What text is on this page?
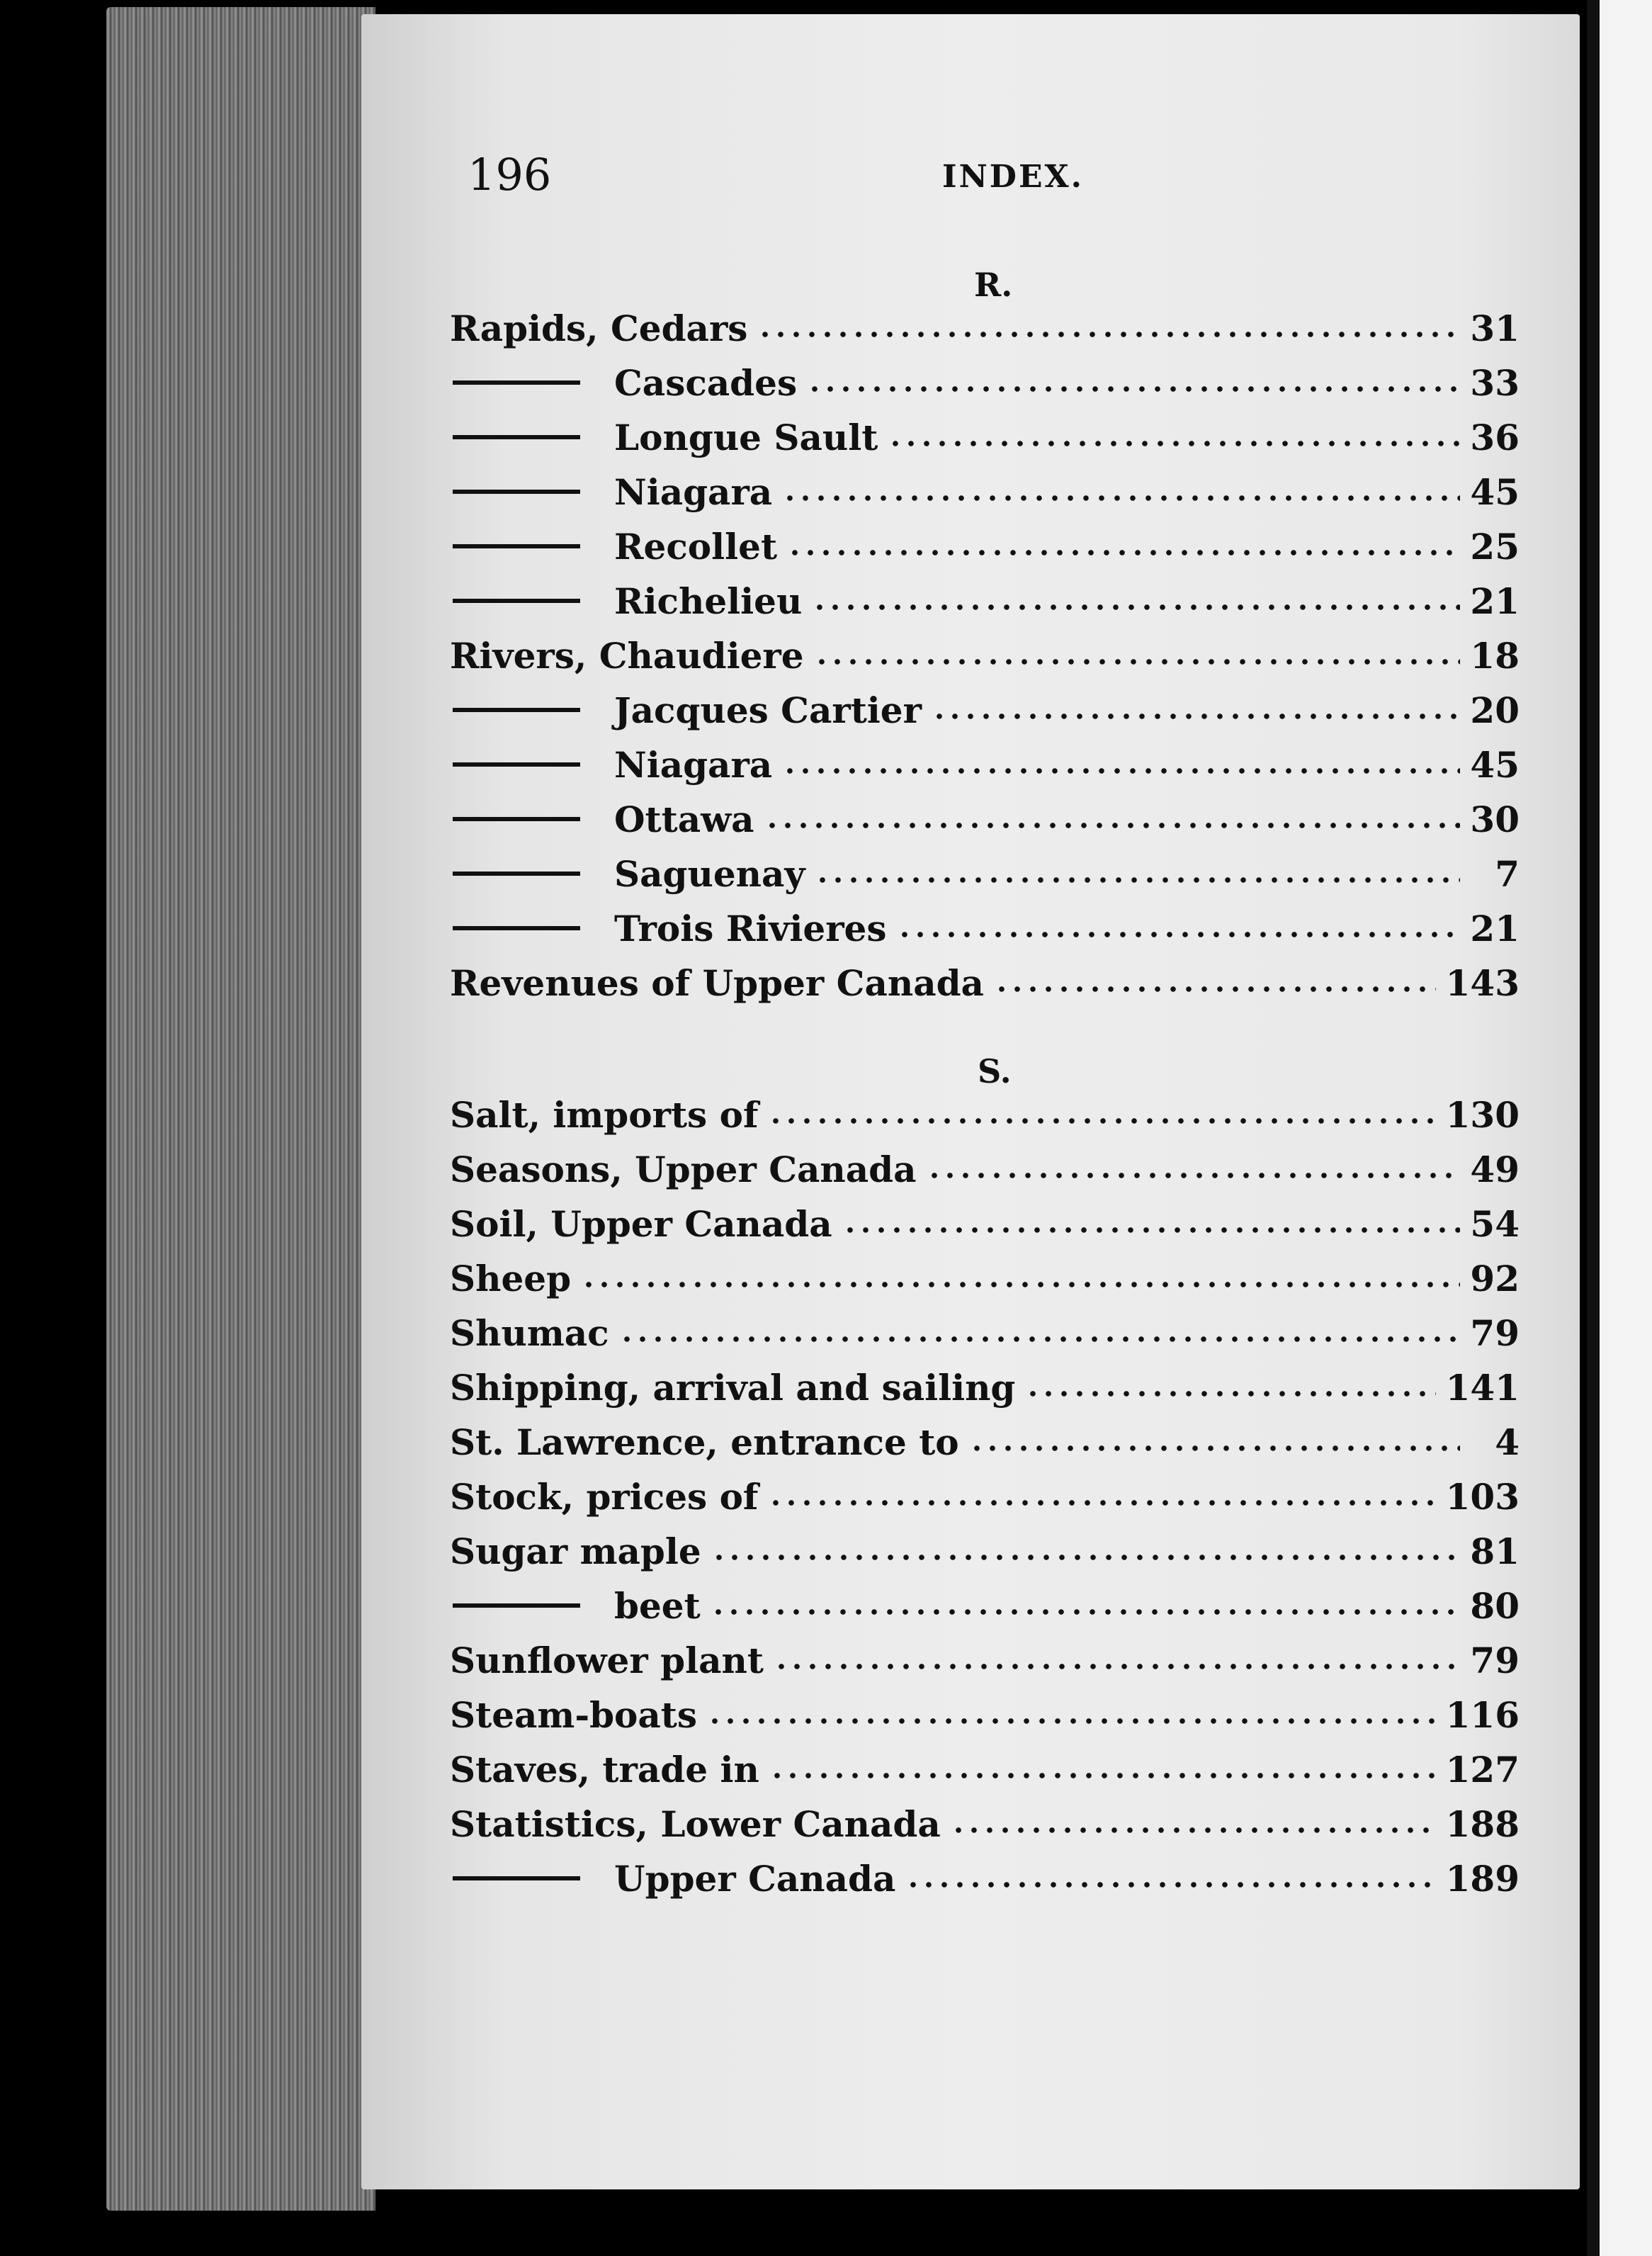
196	INDEX.
R.
S.
Rapids, Cedars	31
Cascades	33
Longue Sault	36
Niagara	45
Recollet	25
Richelieu	21
Rivers, Chaudiere	18
Jacques Cartier	20
Niagara	45
Ottawa	30
Saguenay	7
Trois Rivieres	21
Revenues of Upper Canada	143
Salt, imports of	130
Seasons, Upper Canada	49
Soil, Upper Canada	54
Sheep	92
Shumac	79
Shipping, arrival and sailing	141
St. Lawrence, entrance to	4
Stock, prices of	103
Sugar maple	81
beet	80
Sunflower plant	79
Steam-boats	116
Staves, trade in	127
Statistics, Lower Canada	188
Upper Canada	189
